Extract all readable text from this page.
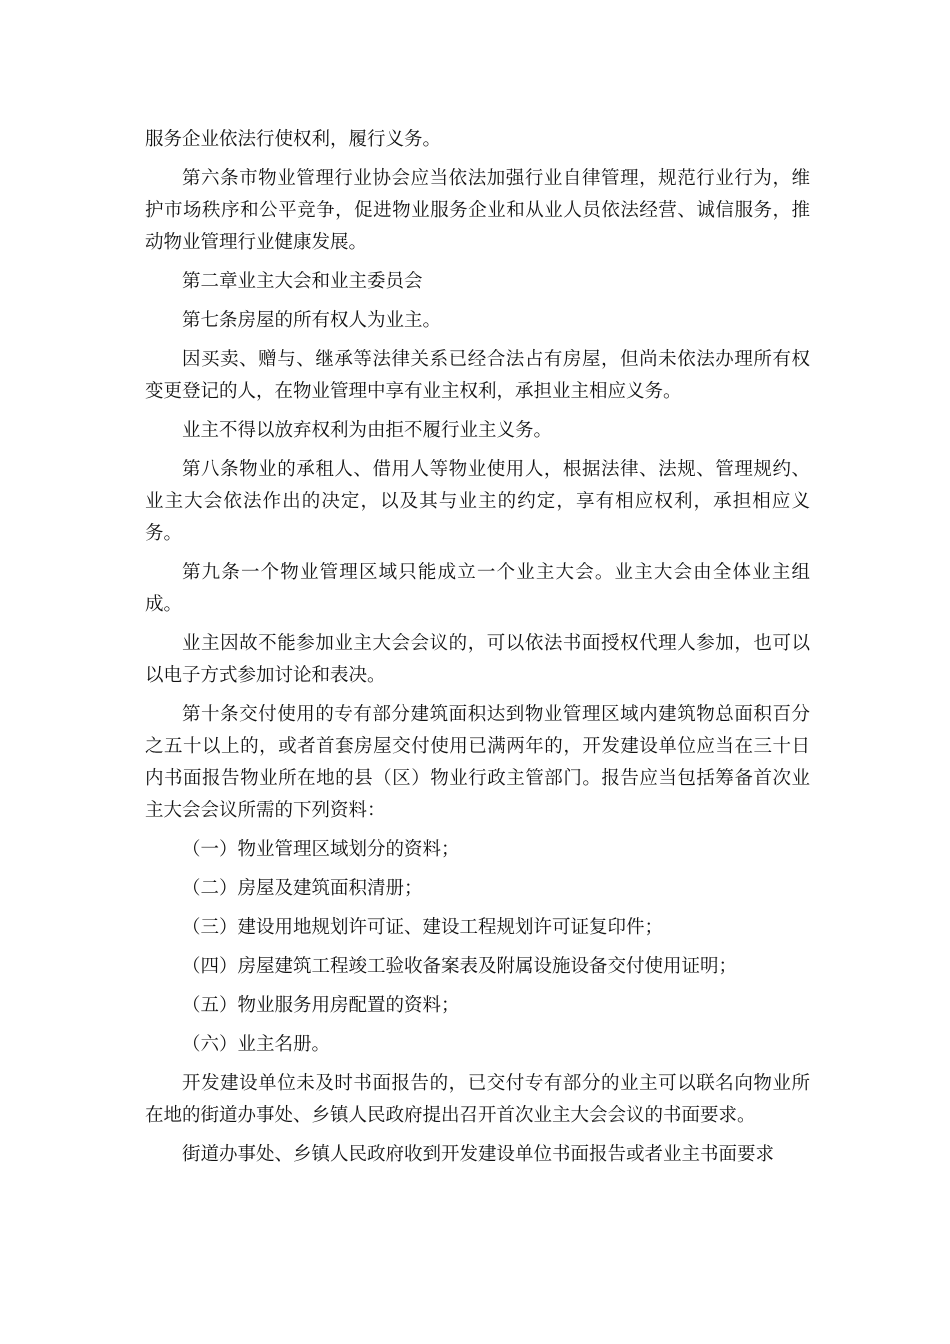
服务企业依法行使权利，履行义务。

第六条市物业管理行业协会应当依法加强行业自律管理，规范行业行为，维护市场秩序和公平竞争，促进物业服务企业和从业人员依法经营、诚信服务，推动物业管理行业健康发展。

第二章业主大会和业主委员会

第七条房屋的所有权人为业主。

因买卖、赠与、继承等法律关系已经合法占有房屋，但尚未依法办理所有权变更登记的人，在物业管理中享有业主权利，承担业主相应义务。

业主不得以放弃权利为由拒不履行业主义务。

第八条物业的承租人、借用人等物业使用人，根据法律、法规、管理规约、业主大会依法作出的决定，以及其与业主的约定，享有相应权利，承担相应义务。

第九条一个物业管理区域只能成立一个业主大会。业主大会由全体业主组成。

业主因故不能参加业主大会会议的，可以依法书面授权代理人参加，也可以以电子方式参加讨论和表决。

第十条交付使用的专有部分建筑面积达到物业管理区域内建筑物总面积百分之五十以上的，或者首套房屋交付使用已满两年的，开发建设单位应当在三十日内书面报告物业所在地的县（区）物业行政主管部门。报告应当包括筹备首次业主大会会议所需的下列资料：

（一）物业管理区域划分的资料；

（二）房屋及建筑面积清册；

（三）建设用地规划许可证、建设工程规划许可证复印件；

（四）房屋建筑工程竣工验收备案表及附属设施设备交付使用证明；

（五）物业服务用房配置的资料；

（六）业主名册。

开发建设单位未及时书面报告的，已交付专有部分的业主可以联名向物业所在地的街道办事处、乡镇人民政府提出召开首次业主大会会议的书面要求。

街道办事处、乡镇人民政府收到开发建设单位书面报告或者业主书面要求
